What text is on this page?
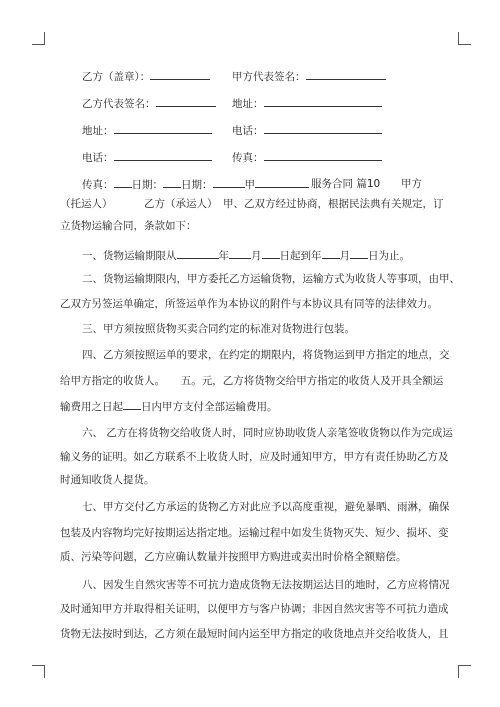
乙方（盖章）：	甲方代表签名：
乙方代表签名：	地址：
地址：	电话：
电话：	传真：
传真： 日期： 日期：	甲	服务合同 篇10 甲方
（托运人）	乙方（承运人） 甲、乙双方经过协商，根据民法典有关规定，订
立货物运输合同，条款如下：
一、货物运输期限从	年 月 日起到年 月 日为止。
二、货物运输期限内，甲方委托乙方运输货物，运输方式为收货人等事项，由甲、
乙双方另签运单确定，所签运单作为本协议的附件与本协议具有同等的法律效力。
三、甲方须按照货物买卖合同约定的标准对货物进行包装。
四、乙方须按照运单的要求，在约定的期限内，将货物运到甲方指定的地点，交
给甲方指定的收货人。　　五。元，乙方将货物交给甲方指定的收货人及开具全额运
输费用之日起 日内甲方支付全部运输费用。
六、 乙方在将货物交给收货人时，同时应协助收货人亲笔签收货物以作为完成运
输义务的证明。如乙方联系不上收货人时，应及时通知甲方，甲方有责任协助乙方及
时通知收货人提货。
七、甲方交付乙方承运的货物乙方对此应予以高度重视，避免暴晒、雨淋，确保
包装及内容物均完好按期运达指定地。运输过程中如发生货物灭失、短少、损坏、变
质、污染等问题，乙方应确认数量并按照甲方购进或卖出时价格全额赔偿。
八、因发生自然灾害等不可抗力造成货物无法按期运达目的地时，乙方应将情况
及时通知甲方并取得相关证明，以便甲方与客户协调；非因自然灾害等不可抗力造成
货物无法按时到达，乙方须在最短时间内运至甲方指定的收货地点并交给收货人，且
